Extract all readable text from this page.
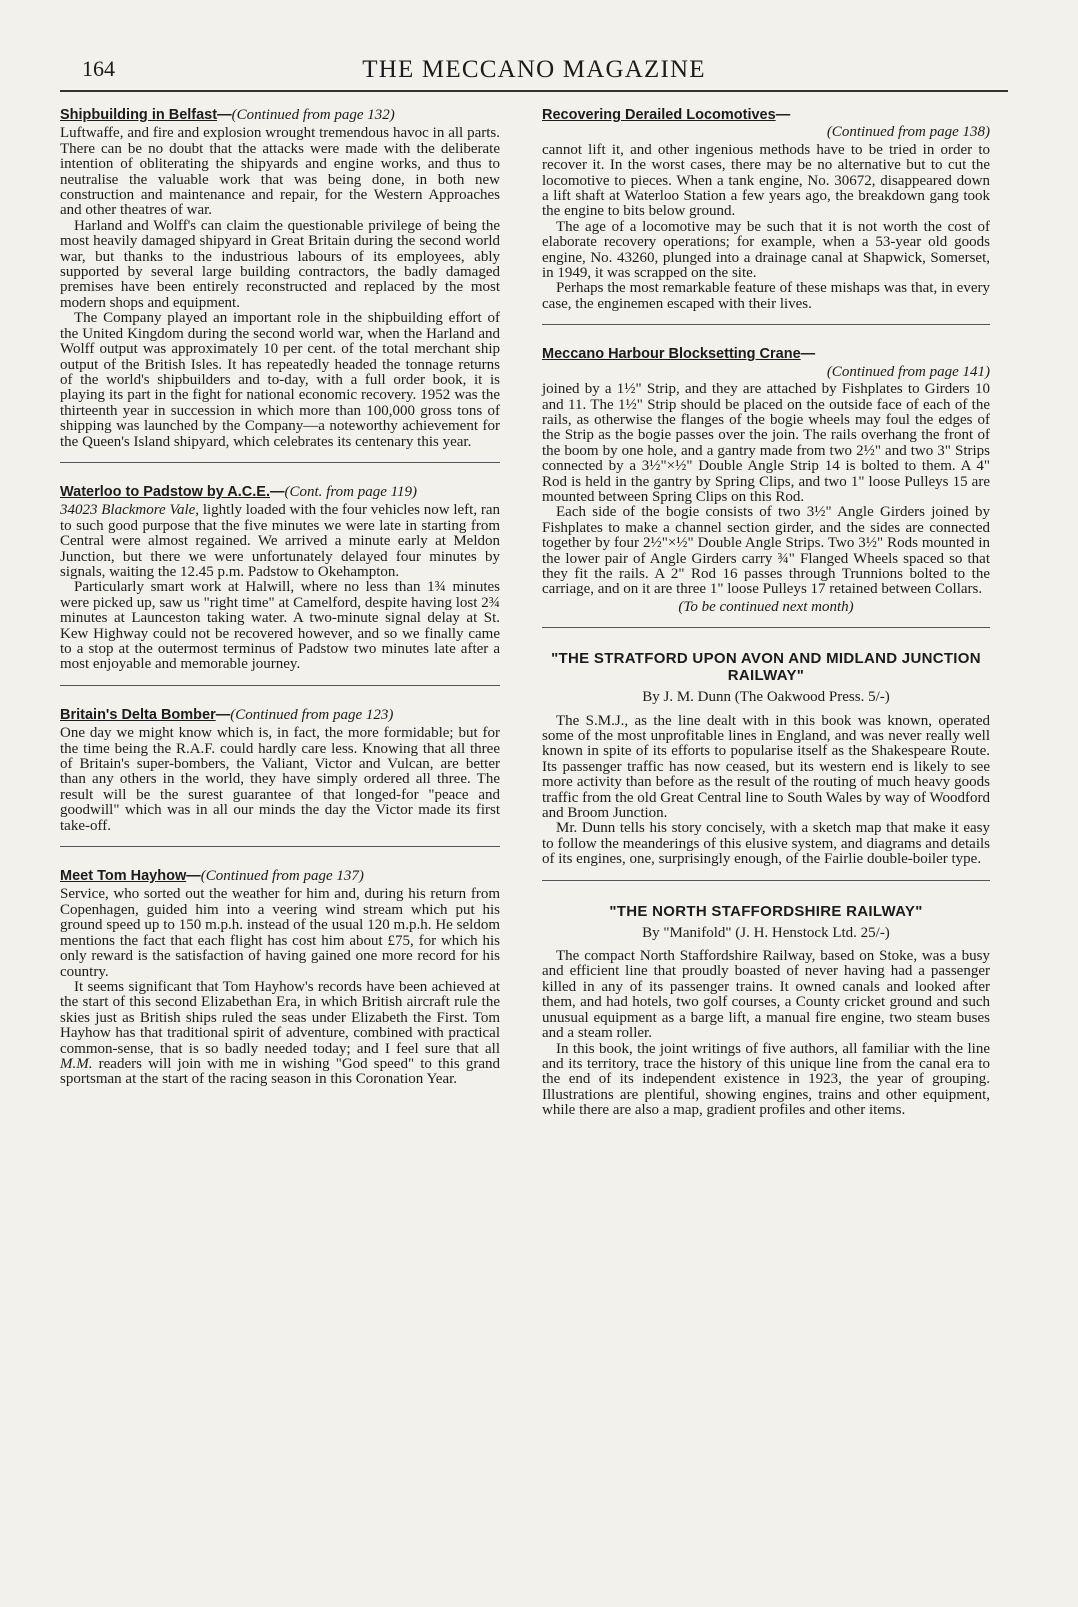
164	THE MECCANO MAGAZINE
Shipbuilding in Belfast—(Continued from page 132)

Luftwaffe, and fire and explosion wrought tremendous havoc in all parts. There can be no doubt that the attacks were made with the deliberate intention of obliterating the shipyards and engine works, and thus to neutralise the valuable work that was being done, in both new construction and maintenance and repair, for the Western Approaches and other theatres of war.

Harland and Wolff's can claim the questionable privilege of being the most heavily damaged shipyard in Great Britain during the second world war, but thanks to the industrious labours of its employees, ably supported by several large building contractors, the badly damaged premises have been entirely reconstructed and replaced by the most modern shops and equipment.

The Company played an important role in the shipbuilding effort of the United Kingdom during the second world war, when the Harland and Wolff output was approximately 10 per cent. of the total merchant ship output of the British Isles. It has repeatedly headed the tonnage returns of the world's shipbuilders and to-day, with a full order book, it is playing its part in the fight for national economic recovery. 1952 was the thirteenth year in succession in which more than 100,000 gross tons of shipping was launched by the Company—a noteworthy achievement for the Queen's Island shipyard, which celebrates its centenary this year.

Waterloo to Padstow by A.C.E.—(Cont. from page 119)

34023 Blackmore Vale, lightly loaded with the four vehicles now left, ran to such good purpose that the five minutes we were late in starting from Central were almost regained. We arrived a minute early at Meldon Junction, but there we were unfortunately delayed four minutes by signals, waiting the 12.45 p.m. Padstow to Okehampton.

Particularly smart work at Halwill, where no less than 1¾ minutes were picked up, saw us "right time" at Camelford, despite having lost 2¾ minutes at Launceston taking water. A two-minute signal delay at St. Kew Highway could not be recovered however, and so we finally came to a stop at the outermost terminus of Padstow two minutes late after a most enjoyable and memorable journey.

Britain's Delta Bomber—(Continued from page 123)

One day we might know which is, in fact, the more formidable; but for the time being the R.A.F. could hardly care less. Knowing that all three of Britain's super-bombers, the Valiant, Victor and Vulcan, are better than any others in the world, they have simply ordered all three. The result will be the surest guarantee of that longed-for "peace and goodwill" which was in all our minds the day the Victor made its first take-off.

Meet Tom Hayhow—(Continued from page 137)

Service, who sorted out the weather for him and, during his return from Copenhagen, guided him into a veering wind stream which put his ground speed up to 150 m.p.h. instead of the usual 120 m.p.h. He seldom mentions the fact that each flight has cost him about £75, for which his only reward is the satisfaction of having gained one more record for his country.

It seems significant that Tom Hayhow's records have been achieved at the start of this second Elizabethan Era, in which British aircraft rule the skies just as British ships ruled the seas under Elizabeth the First. Tom Hayhow has that traditional spirit of adventure, combined with practical common-sense, that is so badly needed today; and I feel sure that all M.M. readers will join with me in wishing "God speed" to this grand sportsman at the start of the racing season in this Coronation Year.

Recovering Derailed Locomotives—
(Continued from page 138)

cannot lift it, and other ingenious methods have to be tried in order to recover it. In the worst cases, there may be no alternative but to cut the locomotive to pieces. When a tank engine, No. 30672, disappeared down a lift shaft at Waterloo Station a few years ago, the breakdown gang took the engine to bits below ground.

The age of a locomotive may be such that it is not worth the cost of elaborate recovery operations; for example, when a 53-year old goods engine, No. 43260, plunged into a drainage canal at Shapwick, Somerset, in 1949, it was scrapped on the site.

Perhaps the most remarkable feature of these mishaps was that, in every case, the enginemen escaped with their lives.

Meccano Harbour Blocksetting Crane—
(Continued from page 141)

joined by a 1½" Strip, and they are attached by Fishplates to Girders 10 and 11. The 1½" Strip should be placed on the outside face of each of the rails, as otherwise the flanges of the bogie wheels may foul the edges of the Strip as the bogie passes over the join. The rails overhang the front of the boom by one hole, and a gantry made from two 2½" and two 3" Strips connected by a 3½"×½" Double Angle Strip 14 is bolted to them. A 4" Rod is held in the gantry by Spring Clips, and two 1" loose Pulleys 15 are mounted between Spring Clips on this Rod.

Each side of the bogie consists of two 3½" Angle Girders joined by Fishplates to make a channel section girder, and the sides are connected together by four 2½"×½" Double Angle Strips. Two 3½" Rods mounted in the lower pair of Angle Girders carry ¾" Flanged Wheels spaced so that they fit the rails. A 2" Rod 16 passes through Trunnions bolted to the carriage, and on it are three 1" loose Pulleys 17 retained between Collars.

(To be continued next month)
"THE STRATFORD UPON AVON AND MIDLAND JUNCTION RAILWAY"
By J. M. Dunn (The Oakwood Press. 5/-)

The S.M.J., as the line dealt with in this book was known, operated some of the most unprofitable lines in England, and was never really well known in spite of its efforts to popularise itself as the Shakespeare Route. Its passenger traffic has now ceased, but its western end is likely to see more activity than before as the result of the routing of much heavy goods traffic from the old Great Central line to South Wales by way of Woodford and Broom Junction.

Mr. Dunn tells his story concisely, with a sketch map that make it easy to follow the meanderings of this elusive system, and diagrams and details of its engines, one, surprisingly enough, of the Fairlie double-boiler type.

"THE NORTH STAFFORDSHIRE RAILWAY"
By "Manifold" (J. H. Henstock Ltd. 25/-)

The compact North Staffordshire Railway, based on Stoke, was a busy and efficient line that proudly boasted of never having had a passenger killed in any of its passenger trains. It owned canals and looked after them, and had hotels, two golf courses, a County cricket ground and such unusual equipment as a barge lift, a manual fire engine, two steam buses and a steam roller.

In this book, the joint writings of five authors, all familiar with the line and its territory, trace the history of this unique line from the canal era to the end of its independent existence in 1923, the year of grouping. Illustrations are plentiful, showing engines, trains and other equipment, while there are also a map, gradient profiles and other items.
